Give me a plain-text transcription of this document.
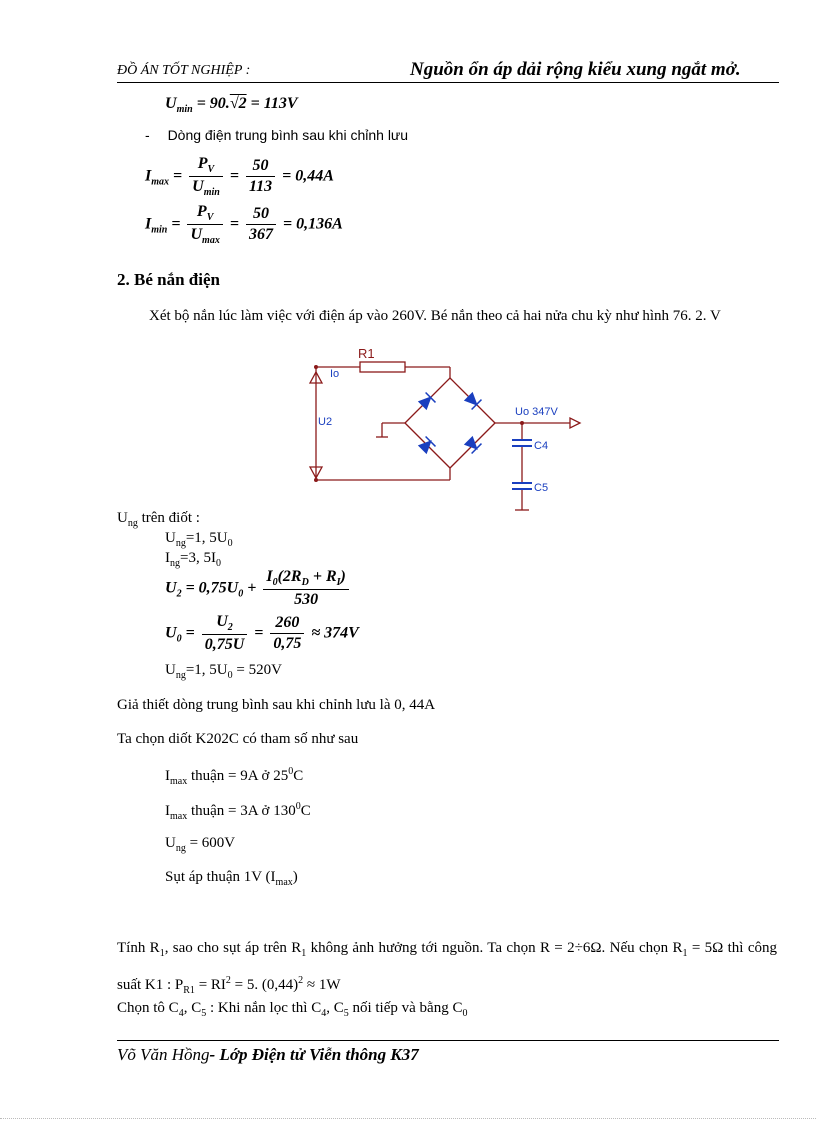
ĐỒ ÁN TỐT NGHIỆP :	Nguồn ổn áp dải rộng kiểu xung ngắt mở.
$U_{min} = 90.√2 = 113V$
- Dòng điện trung bình sau khi chỉnh lưu
$I_{max} = \frac{P_V}{U_{min}} = \frac{50}{113} = 0,44A$
$I_{min} = \frac{P_V}{U_{max}} = \frac{50}{367} = 0,136A$
2. Bé nắn điện
Xét bộ nắn lúc làm việc với điện áp vào 260V. Bé nắn theo cả hai nửa chu kỳ như hình 76. 2. V
R1
Io
U2
Uo 347V
C4
C5
$U_{ng}$ trên điốt :
$U_{ng}=1$, $5U_0$
$I_{ng}=3$, $5I_0$
$U_2 = 0,75U_0 + \frac{I_0(2R_D + R_I)}{530}$
$U_0 = \frac{U_2}{0,75U} = \frac{260}{0,75} \approx 374V$
$U_{ng}=1$, $5U_0 = 520V$
Giả thiết dòng trung bình sau khi chỉnh lưu là 0, 44A
Ta chọn diốt K202C có tham số như sau
$I_{max}$ thuận = 9A ở $25^0C$
$I_{max}$ thuận = 3A ở $130^0C$
$U_{ng} = 600V$
Sụt áp thuận 1V $(I_{max})$
Tính $R_1$, sao cho sụt áp trên $R_1$ không ảnh hưởng tới nguồn. Ta chọn R = 2÷6Ω. Nếu chọn $R_1 = 5\Omega$ thì công suất K1 : $P_{R1} = RI^2 = 5$. $(0,44)^2 \approx 1W$
Chọn tô $C_4$, $C_5$ : Khi nắn lọc thì $C_4$, $C_5$ nối tiếp và bằng $C_0$
Võ Văn Hồng- Lớp Điện tử Viễn thông K37
